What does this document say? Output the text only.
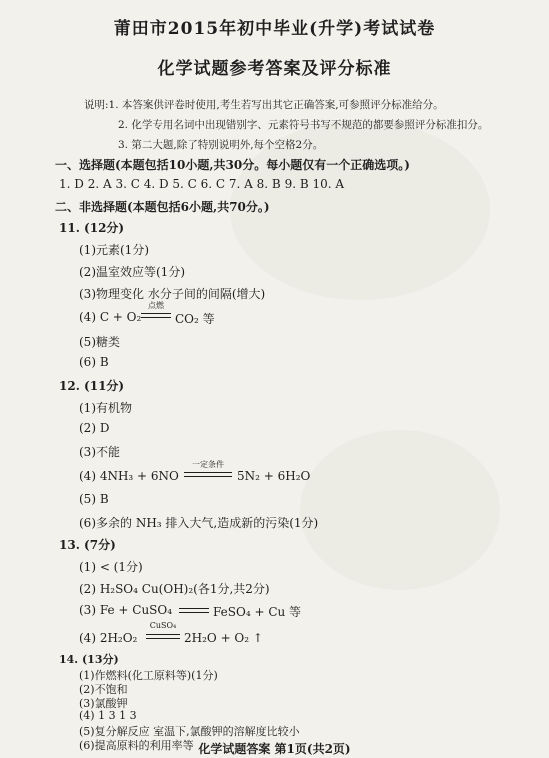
莆田市2015年初中毕业(升学)考试试卷
化学试题参考答案及评分标准
说明:1. 本答案供评卷时使用,考生若写出其它正确答案,可参照评分标准给分。
2. 化学专用名词中出现错别字、元素符号书写不规范的都要参照评分标准扣分。
3. 第二大题,除了特别说明外,每个空格2分。
一、选择题(本题包括10小题,共30分。每小题仅有一个正确选项。)
1. D 2. A 3. C 4. D 5. C 6. C 7. A 8. B 9. B 10. A
二、非选择题(本题包括6小题,共70分。)
11. (12分)
(1)元素(1分)
(2)温室效应等(1分)
(3)物理变化 水分子间的间隔(增大)
(4) C + O₂
点燃
CO₂ 等
(5)糖类
(6) B
12. (11分)
(1)有机物
(2) D
(3)不能
(4) 4NH₃ + 6NO
一定条件
5N₂ + 6H₂O
(5) B
(6)多余的 NH₃ 排入大气,造成新的污染(1分)
13. (7分)
(1) < (1分)
(2) H₂SO₄ Cu(OH)₂(各1分,共2分)
(3) Fe + CuSO₄	FeSO₄ + Cu 等
(4) 2H₂O₂
CuSO₄
2H₂O + O₂ ↑
14. (13分)
(1)作燃料(化工原料等)(1分)
化学试题答案 第1页(共2页)
(2)不饱和
(3)氯酸钾
(4) 1 3 1 3
(5)复分解反应 室温下,氯酸钾的溶解度比较小
(6)提高原料的利用率等
